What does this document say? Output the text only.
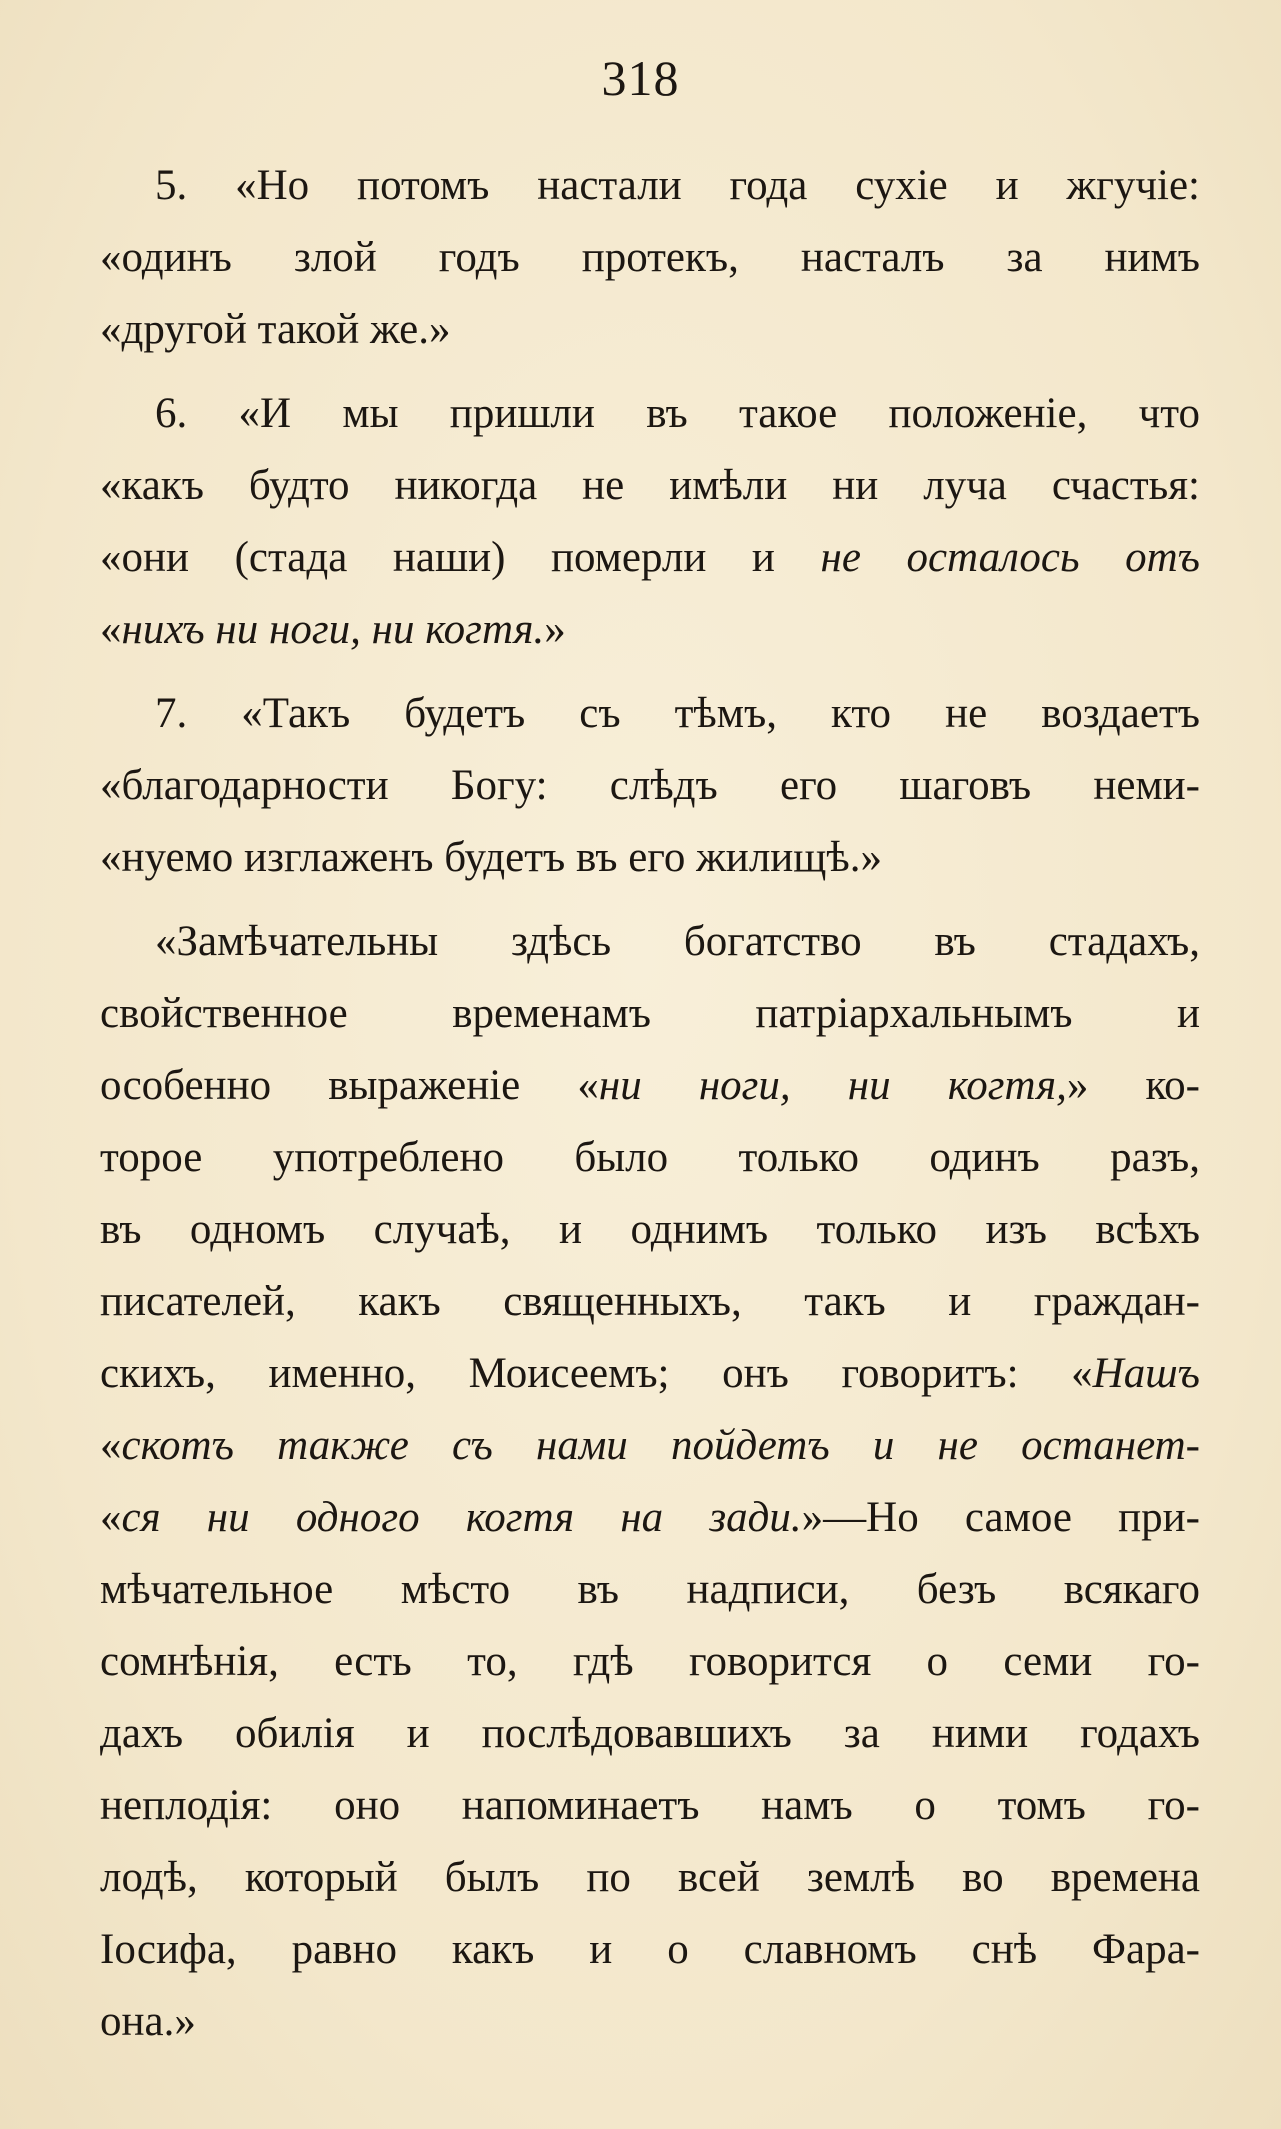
318
5. «Но потомъ настали года сухіе и жгучіе:
«одинъ злой годъ протекъ, насталъ за нимъ
«другой такой же.»
6. «И мы пришли въ такое положеніе, что
«какъ будто никогда не имѣли ни луча счастья:
«они (стада наши) померли и не осталось отъ
«нихъ ни ноги, ни когтя.»
7. «Такъ будетъ съ тѣмъ, кто не воздаетъ
«благодарности Богу: слѣдъ его шаговъ неми-
«нуемо изглаженъ будетъ въ его жилищѣ.»
«Замѣчательны здѣсь богатство въ стадахъ,
свойственное временамъ патріархальнымъ и
особенно выраженіе «ни ноги, ни когтя,» ко-
торое употреблено было только одинъ разъ,
въ одномъ случаѣ, и однимъ только изъ всѣхъ
писателей, какъ священныхъ, такъ и граждан-
скихъ, именно, Моисеемъ; онъ говоритъ: «Нашъ
«скотъ также съ нами пойдетъ и не останет-
«ся ни одного когтя на зади.»—Но самое при-
мѣчательное мѣсто въ надписи, безъ всякаго
сомнѣнія, есть то, гдѣ говорится о семи го-
дахъ обилія и послѣдовавшихъ за ними годахъ
неплодія: оно напоминаетъ намъ о томъ го-
лодѣ, который былъ по всей землѣ во времена
Іосифа, равно какъ и о славномъ снѣ Фара-
она.»
